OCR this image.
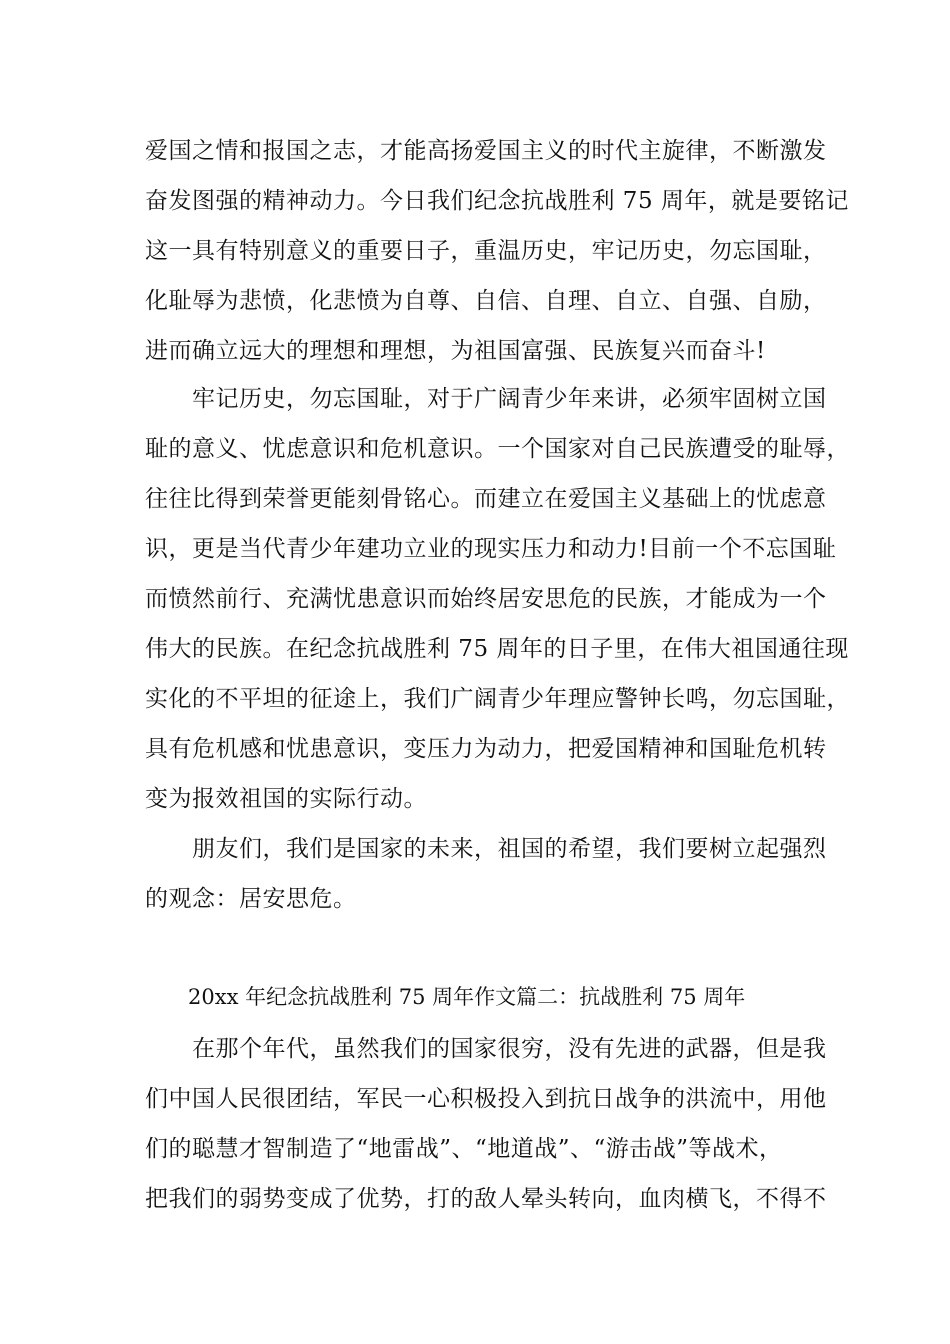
爱国之情和报国之志，才能高扬爱国主义的时代主旋律，不断激发
奋发图强的精神动力。今日我们纪念抗战胜利 75 周年，就是要铭记
这一具有特别意义的重要日子，重温历史，牢记历史，勿忘国耻，
化耻辱为悲愤，化悲愤为自尊、自信、自理、自立、自强、自励，
进而确立远大的理想和理想，为祖国富强、民族复兴而奋斗!
　　牢记历史，勿忘国耻，对于广阔青少年来讲，必须牢固树立国
耻的意义、忧虑意识和危机意识。一个国家对自己民族遭受的耻辱，
往往比得到荣誉更能刻骨铭心。而建立在爱国主义基础上的忧虑意
识，更是当代青少年建功立业的现实压力和动力!目前一个不忘国耻
而愤然前行、充满忧患意识而始终居安思危的民族，才能成为一个
伟大的民族。在纪念抗战胜利 75 周年的日子里，在伟大祖国通往现
实化的不平坦的征途上，我们广阔青少年理应警钟长鸣，勿忘国耻，
具有危机感和忧患意识，变压力为动力，把爱国精神和国耻危机转
变为报效祖国的实际行动。
　　朋友们，我们是国家的未来，祖国的希望，我们要树立起强烈
的观念：居安思危。
20xx 年纪念抗战胜利 75 周年作文篇二：抗战胜利 75 周年
　　在那个年代，虽然我们的国家很穷，没有先进的武器，但是我
们中国人民很团结，军民一心积极投入到抗日战争的洪流中，用他
们的聪慧才智制造了“地雷战”、“地道战”、“游击战”等战术，
把我们的弱势变成了优势，打的敌人晕头转向，血肉横飞，不得不
